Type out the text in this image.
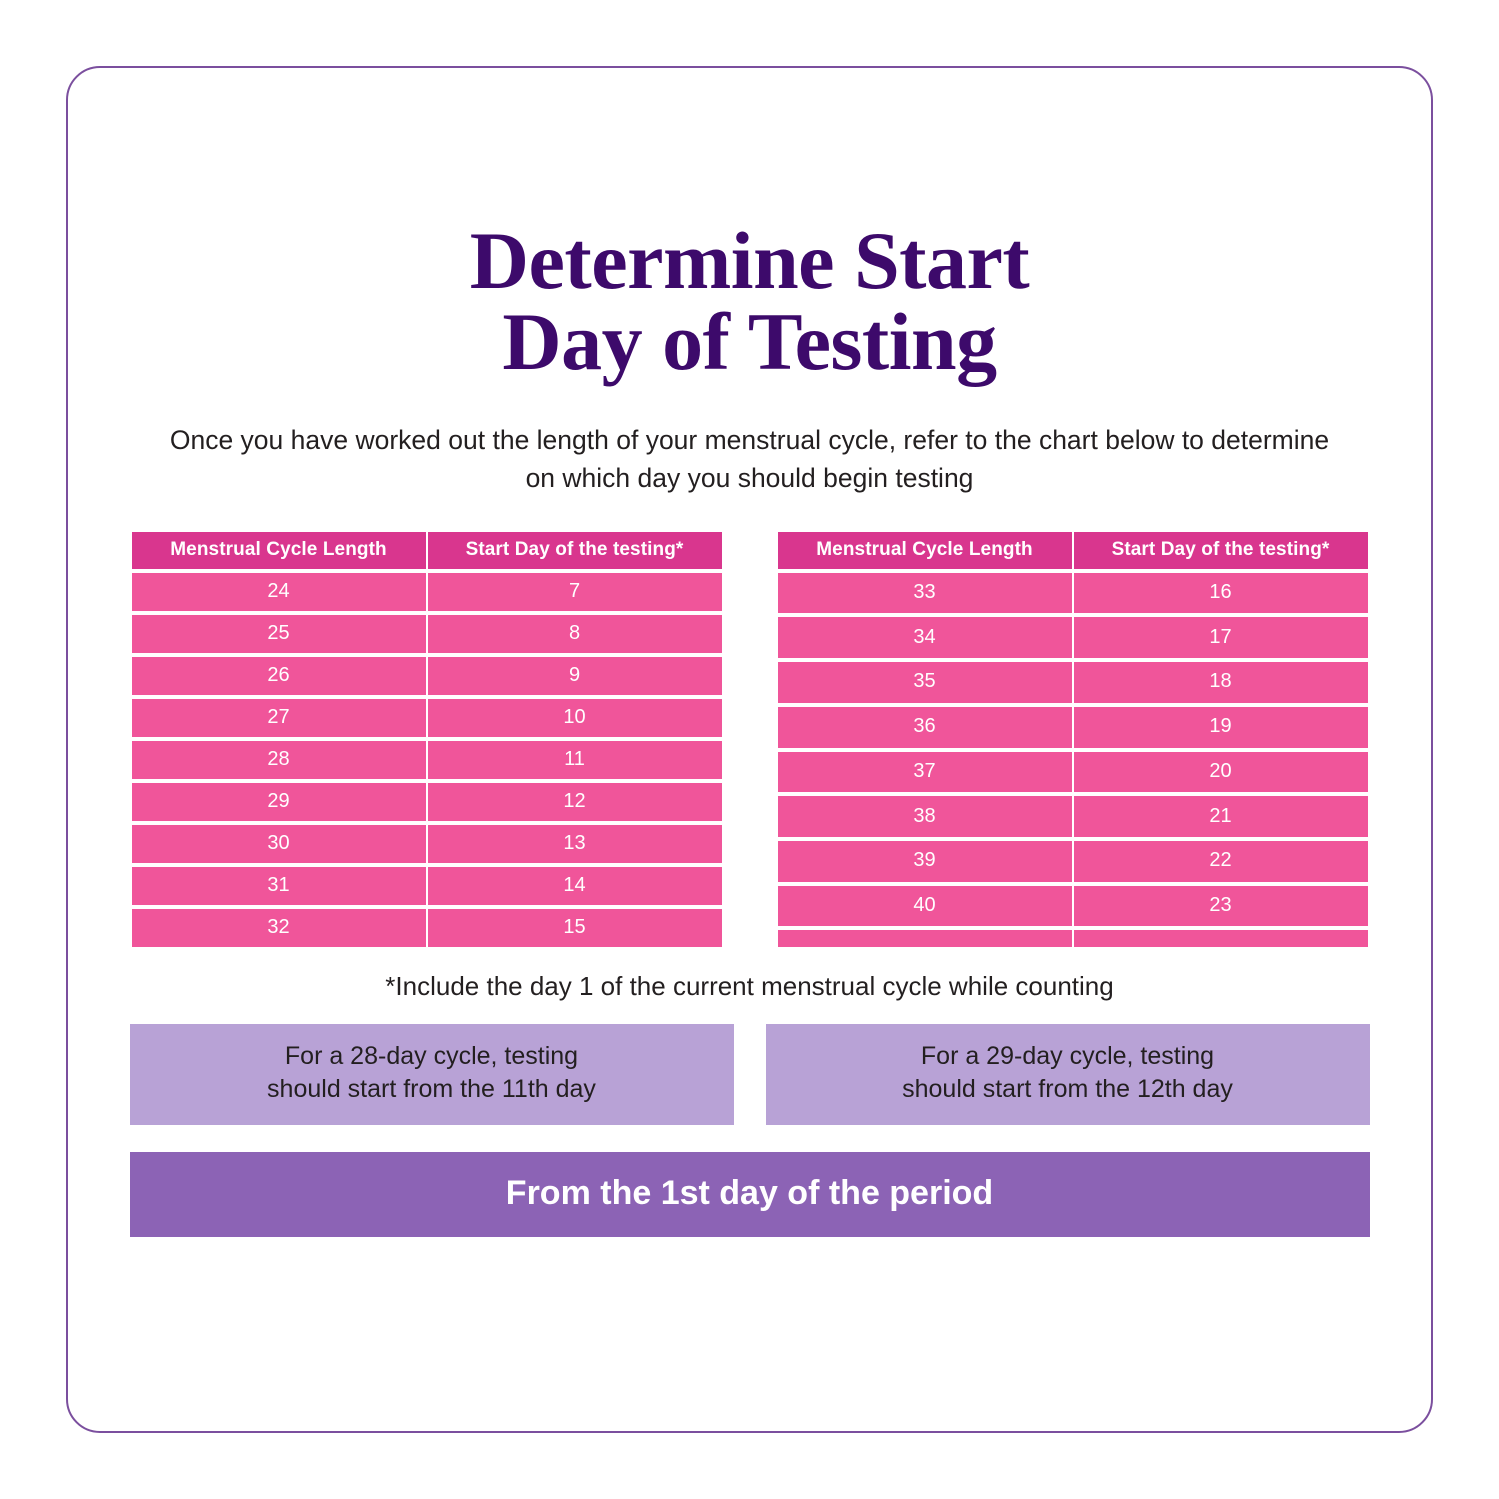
Determine Start
Day of Testing

Once you have worked out the length of your menstrual cycle, refer to the chart below to determine on which day you should begin testing

Menstrual Cycle Length	Start Day of the testing*
24	7
25	8
26	9
27	10
28	11
29	12
30	13
31	14
32	15
Menstrual Cycle Length	Start Day of the testing*
33	16
34	17
35	18
36	19
37	20
38	21
39	22
40	23

*Include the day 1 of the current menstrual cycle while counting

For a 28-day cycle, testing
should start from the 11th day
For a 29-day cycle, testing
should start from the 12th day
From the 1st day of the period
